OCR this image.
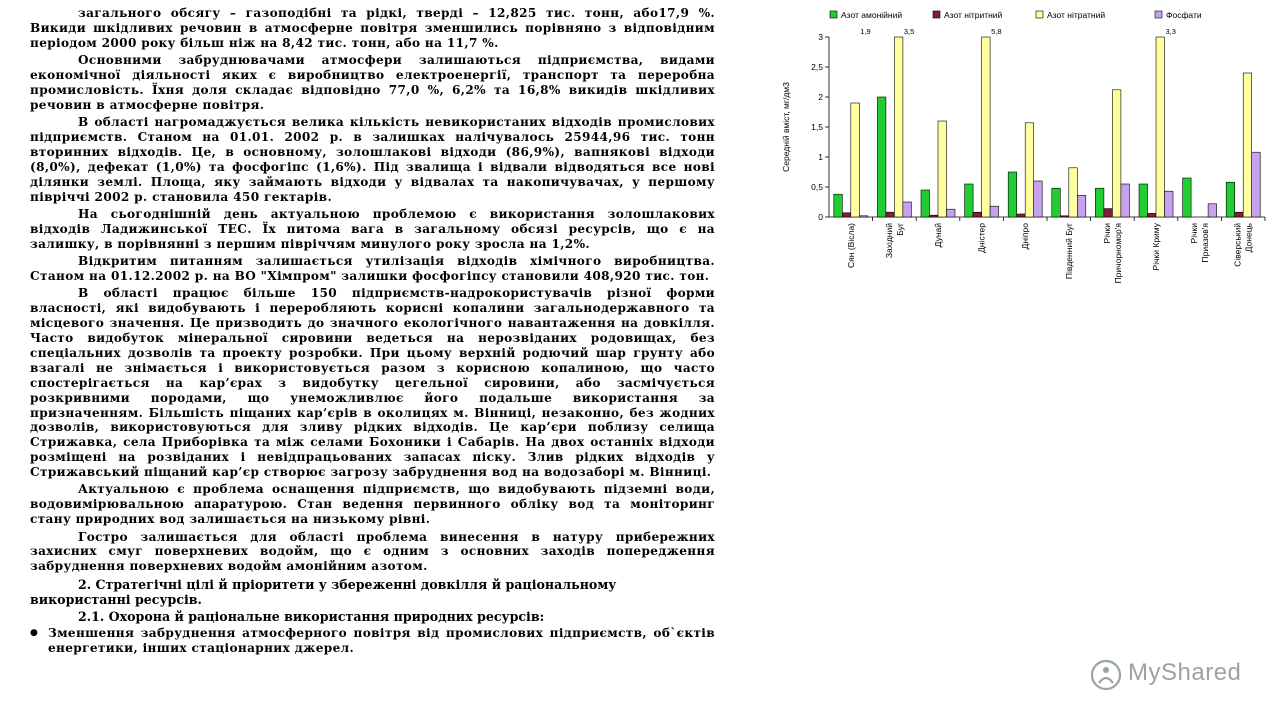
загального обсягу – газоподібні та рідкі, тверді – 12,825 тис. тонн, або17,9 %. Викиди шкідливих речовин в атмосферне повітря зменшились порівняно з відповідним періодом 2000 року більш ніж на 8,42 тис. тонн, або на 11,7 %.

Основними забруднювачами атмосфери залишаються підприємства, видами економічної діяльності яких є виробництво електроенергії, транспорт та переробна промисловість. Їхня доля складає відповідно 77,0 %, 6,2% та 16,8% викидів шкідливих речовин в атмосферне повітря.

В області нагромаджується велика кількість невикористаних відходів промислових підприємств. Станом на 01.01. 2002 р. в залишках налічувалось 25944,96 тис. тонн вторинних відходів. Це, в основному, золошлакові відходи (86,9%), вапнякові відходи (8,0%), дефекат (1,0%) та фосфогіпс (1,6%). Під звалища і відвали відводяться все нові ділянки землі. Площа, яку займають відходи у відвалах та накопичувачах, у першому півріччі 2002 р. становила 450 гектарів.

На сьогоднішній день актуальною проблемою є використання золошлакових відходів Ладижинської ТЕС. Їх питома вага в загальному обсязі ресурсів, що є на залишку, в порівнянні з першим півріччям минулого року зросла на 1,2%.

Відкритим питанням залишається утилізація відходів хімічного виробництва. Станом на 01.12.2002 р. на ВО "Хімпром" залишки фосфогіпсу становили 408,920 тис. тон.

В області працює більше 150 підприємств-надрокористувачів різної форми власності, які видобувають і переробляють корисні копалини загальнодержавного та місцевого значення. Це призводить до значного екологічного навантаження на довкілля. Часто видобуток мінеральної сировини ведеться на нерозвіданих родовищах, без спеціальних дозволів та проекту розробки. При цьому верхній родючий шар грунту або взагалі не знімається і використовується разом з корисною копалиною, що часто спостерігається на кар’єрах з видобутку цегельної сировини, або засмічується розкривними породами, що унеможливлює його подальше використання за призначенням. Більшість піщаних кар’єрів в околицях м. Вінниці, незаконно, без жодних дозволів, використовуються для зливу рідких відходів. Це кар’єри поблизу селища Стрижавка, села Приборівка та між селами Бохоники і Сабарів. На двох останніх відходи розміщені на розвіданих і невідпрацьованих запасах піску. Злив рідких відходів у Стрижавський піщаний кар’єр створює загрозу забруднення вод на водозаборі м. Вінниці.

Актуальною є проблема оснащення підприємств, що видобувають підземні води, водовимірювальною апаратурою. Стан ведення первинного обліку вод та моніторинг стану природних вод залишається на низькому рівні.

Гостро залишається для області проблема винесення в натуру прибережних захисних смуг поверхневих водойм, що є одним з основних заходів попередження забруднення поверхневих водойм амонійним азотом.

2. Стратегічні цілі й пріоритети у збереженні довкілля й раціональному використанні ресурсів.
2.1. Охорона й раціональне використання природних ресурсів:
● Зменшення забруднення атмосферного повітря від промислових підприємств, об`єктів енергетики, інших стаціонарних джерел.
Азот амонійний	Азот нітритний	Азот нітратний	Фосфати
0
0,5
1
1,5
2
2,5
3
Середній вміст, мг/дм3
Сян (Вісла)	Західний Буг	Дунай	Дністер	Дніпро	Південний Буг	Річки Причорномор'я	Річки Криму	Річки Приазов'я	Сіверський Донець
1,9	3,5	5,8	3,3
MyShared
